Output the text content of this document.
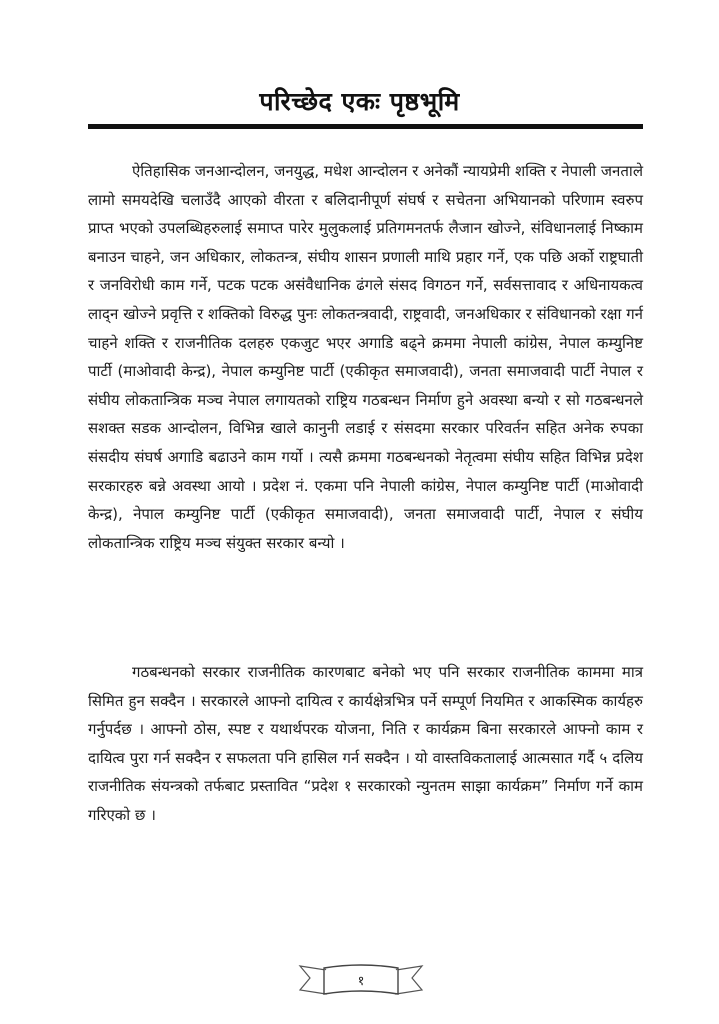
परिच्छेद एकः पृष्ठभूमि

ऐतिहासिक जनआन्दोलन, जनयुद्ध, मधेश आन्दोलन र अनेकौं न्यायप्रेमी शक्ति र नेपाली जनताले लामो समयदेखि चलाउँदै आएको वीरता र बलिदानीपूर्ण संघर्ष र सचेतना अभियानको परिणाम स्वरुप प्राप्त भएको उपलब्धिहरुलाई समाप्त पारेर मुलुकलाई प्रतिगमनतर्फ लैजान खोज्ने, संविधानलाई निष्काम बनाउन चाहने, जन अधिकार, लोकतन्त्र, संघीय शासन प्रणाली माथि प्रहार गर्ने, एक पछि अर्को राष्ट्रघाती र जनविरोधी काम गर्ने, पटक पटक असंवैधानिक ढंगले संसद विगठन गर्ने, सर्वसत्तावाद र अधिनायकत्व लाद्न खोज्ने प्रवृत्ति र शक्तिको विरुद्ध पुनः लोकतन्त्रवादी, राष्ट्रवादी, जनअधिकार र संविधानको रक्षा गर्न चाहने शक्ति र राजनीतिक दलहरु एकजुट भएर अगाडि बढ्ने क्रममा नेपाली कांग्रेस, नेपाल कम्युनिष्ट पार्टी (माओवादी केन्द्र), नेपाल कम्युनिष्ट पार्टी (एकीकृत समाजवादी), जनता समाजवादी पार्टी नेपाल र संघीय लोकतान्त्रिक मञ्च नेपाल लगायतको राष्ट्रिय गठबन्धन निर्माण हुने अवस्था बन्यो र सो गठबन्धनले सशक्त सडक आन्दोलन, विभिन्न खाले कानुनी लडाई र संसदमा सरकार परिवर्तन सहित अनेक रुपका संसदीय संघर्ष अगाडि बढाउने काम गर्यो । त्यसै क्रममा गठबन्धनको नेतृत्वमा संघीय सहित विभिन्न प्रदेश सरकारहरु बन्ने अवस्था आयो । प्रदेश नं. एकमा पनि नेपाली कांग्रेस, नेपाल कम्युनिष्ट पार्टी (माओवादी केन्द्र), नेपाल कम्युनिष्ट पार्टी (एकीकृत समाजवादी), जनता समाजवादी पार्टी, नेपाल र संघीय लोकतान्त्रिक राष्ट्रिय मञ्च संयुक्त सरकार बन्यो ।

गठबन्धनको सरकार राजनीतिक कारणबाट बनेको भए पनि सरकार राजनीतिक काममा मात्र सिमित हुन सक्दैन । सरकारले आफ्नो दायित्व र कार्यक्षेत्रभित्र पर्ने सम्पूर्ण नियमित र आकस्मिक कार्यहरु गर्नुपर्दछ । आफ्नो ठोस, स्पष्ट र यथार्थपरक योजना, निति र कार्यक्रम बिना सरकारले आफ्नो काम र दायित्व पुरा गर्न सक्दैन र सफलता पनि हासिल गर्न सक्दैन । यो वास्तविकतालाई आत्मसात गर्दै ५ दलिय राजनीतिक संयन्त्रको तर्फबाट प्रस्तावित “प्रदेश १ सरकारको न्युनतम साझा कार्यक्रम” निर्माण गर्ने काम गरिएको छ ।

१
